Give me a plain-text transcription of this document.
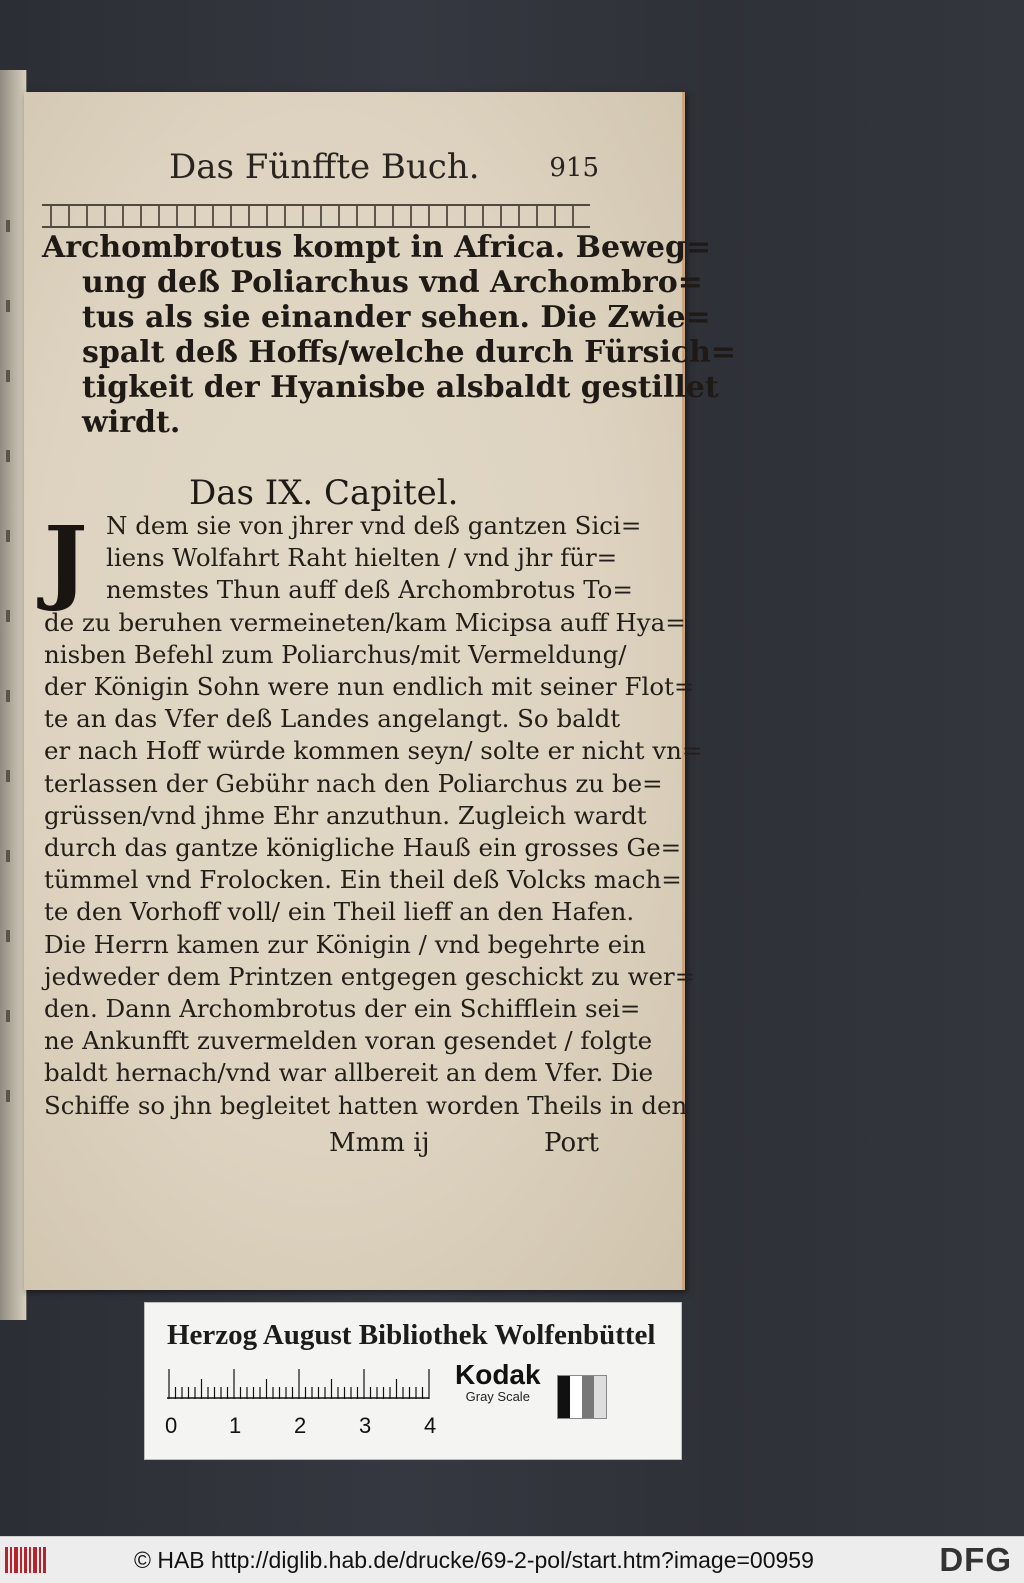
Das Fünffte Buch.	915
Archombrotus kompt in Africa. Beweg=
ung deß Poliarchus vnd Archombro=
tus als sie einander sehen. Die Zwie=
spalt deß Hoffs/welche durch Fürsich=
tigkeit der Hyanisbe alsbaldt gestillet
wirdt.
Das IX. Capitel.
J N dem sie von jhrer vnd deß gantzen Sici=
liens Wolfahrt Raht hielten / vnd jhr für=
nemstes Thun auff deß Archombrotus To=
de zu beruhen vermeineten/kam Micipsa auff Hya=
nisben Befehl zum Poliarchus/mit Vermeldung/
der Königin Sohn were nun endlich mit seiner Flot=
te an das Vfer deß Landes angelangt. So baldt
er nach Hoff würde kommen seyn/ solte er nicht vn=
terlassen der Gebühr nach den Poliarchus zu be=
grüssen/vnd jhme Ehr anzuthun. Zugleich wardt
durch das gantze königliche Hauß ein grosses Ge=
tümmel vnd Frolocken. Ein theil deß Volcks mach=
te den Vorhoff voll/ ein Theil lieff an den Hafen.
Die Herrn kamen zur Königin / vnd begehrte ein
jedweder dem Printzen entgegen geschickt zu wer=
den. Dann Archombrotus der ein Schifflein sei=
ne Ankunfft zuvermelden voran gesendet / folgte
baldt hernach/vnd war allbereit an dem Vfer. Die
Schiffe so jhn begleitet hatten worden Theils in den
Mmm ij	Port
Herzog August Bibliothek Wolfenbüttel
0 1 2 3 4
Kodak
Gray Scale
© HAB http://diglib.hab.de/drucke/69-2-pol/start.htm?image=00959	DFG
